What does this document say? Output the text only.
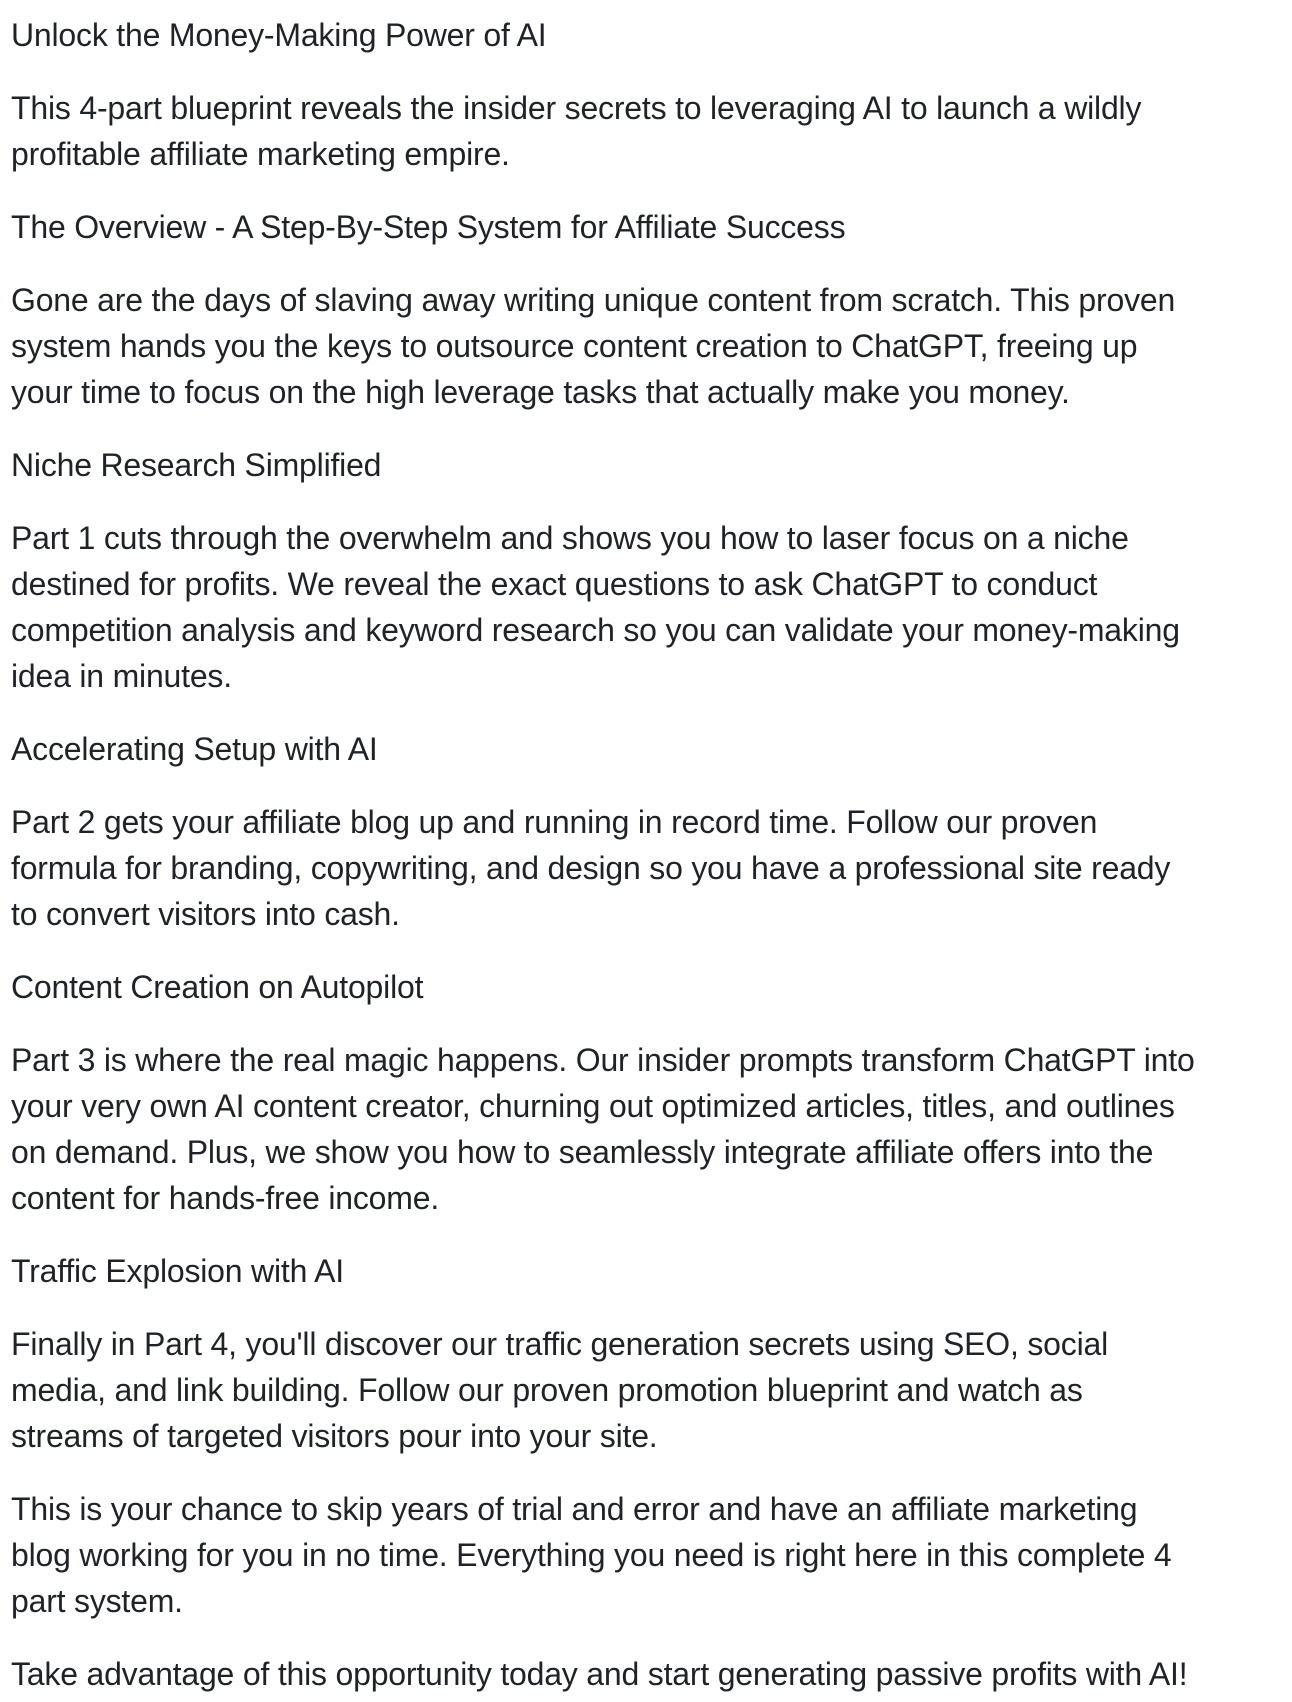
Unlock the Money-Making Power of AI

This 4-part blueprint reveals the insider secrets to leveraging AI to launch a wildly profitable affiliate marketing empire.

The Overview - A Step-By-Step System for Affiliate Success

Gone are the days of slaving away writing unique content from scratch. This proven system hands you the keys to outsource content creation to ChatGPT, freeing up your time to focus on the high leverage tasks that actually make you money.

Niche Research Simplified

Part 1 cuts through the overwhelm and shows you how to laser focus on a niche destined for profits. We reveal the exact questions to ask ChatGPT to conduct competition analysis and keyword research so you can validate your money-making idea in minutes.

Accelerating Setup with AI

Part 2 gets your affiliate blog up and running in record time. Follow our proven formula for branding, copywriting, and design so you have a professional site ready to convert visitors into cash.

Content Creation on Autopilot

Part 3 is where the real magic happens. Our insider prompts transform ChatGPT into your very own AI content creator, churning out optimized articles, titles, and outlines on demand. Plus, we show you how to seamlessly integrate affiliate offers into the content for hands-free income.

Traffic Explosion with AI

Finally in Part 4, you'll discover our traffic generation secrets using SEO, social media, and link building. Follow our proven promotion blueprint and watch as streams of targeted visitors pour into your site.

This is your chance to skip years of trial and error and have an affiliate marketing blog working for you in no time. Everything you need is right here in this complete 4 part system.

Take advantage of this opportunity today and start generating passive profits with AI!
